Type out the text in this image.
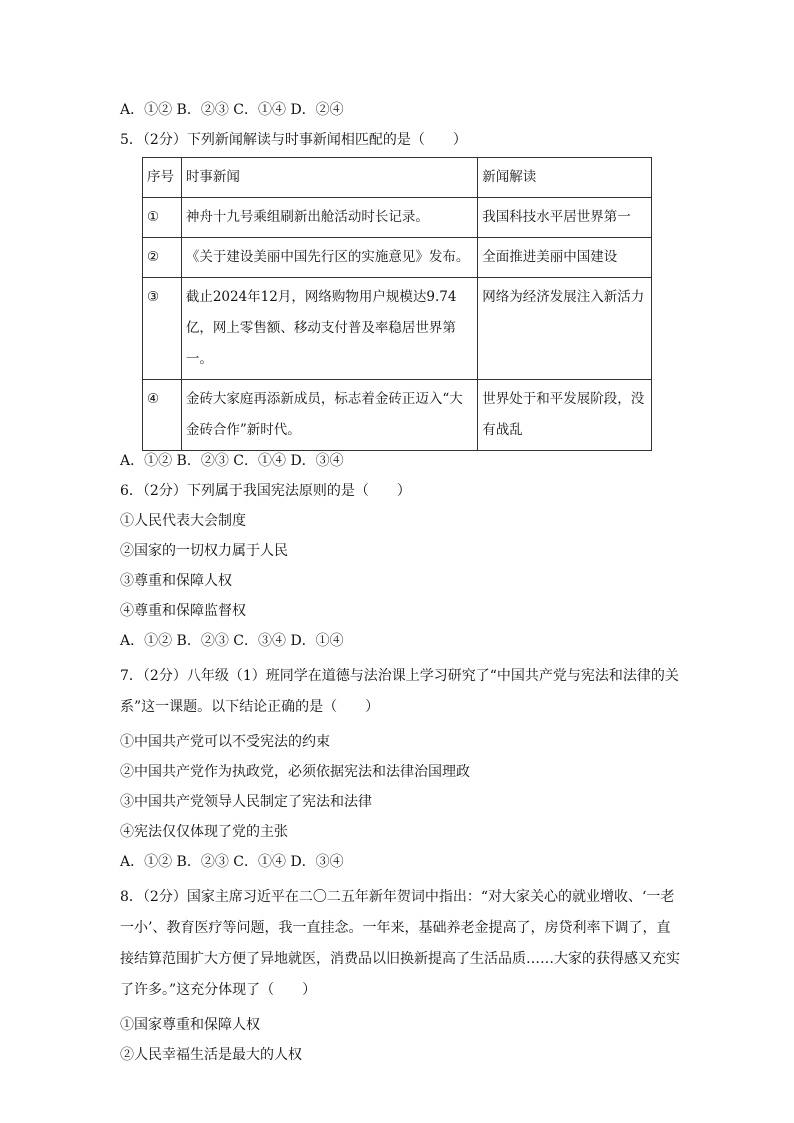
A．①② B．②③ C．①④ D．②④
5．（2分）下列新闻解读与时事新闻相匹配的是（　　）
序号	时事新闻	新闻解读
①	神舟十九号乘组刷新出舱活动时长记录。	我国科技水平居世界第一
②	《关于建设美丽中国先行区的实施意见》发布。	全面推进美丽中国建设
③	截止2024年12月，网络购物用户规模达9.74亿，网上零售额、移动支付普及率稳居世界第一。	网络为经济发展注入新活力
④	金砖大家庭再添新成员，标志着金砖正迈入“大金砖合作”新时代。	世界处于和平发展阶段，没有战乱
A．①② B．②③ C．①④ D．③④
6．（2分）下列属于我国宪法原则的是（　　）
①人民代表大会制度
②国家的一切权力属于人民
③尊重和保障人权
④尊重和保障监督权
A．①② B．②③ C．③④ D．①④
7．（2分）八年级（1）班同学在道德与法治课上学习研究了“中国共产党与宪法和法律的关系”这一课题。以下结论正确的是（　　）
①中国共产党可以不受宪法的约束
②中国共产党作为执政党，必须依据宪法和法律治国理政
③中国共产党领导人民制定了宪法和法律
④宪法仅仅体现了党的主张
A．①② B．②③ C．①④ D．③④
8．（2分）国家主席习近平在二〇二五年新年贺词中指出：“对大家关心的就业增收、‘一老一小’、教育医疗等问题，我一直挂念。一年来，基础养老金提高了，房贷利率下调了，直接结算范围扩大方便了异地就医，消费品以旧换新提高了生活品质……大家的获得感又充实了许多。”这充分体现了（　　）
①国家尊重和保障人权
②人民幸福生活是最大的人权
